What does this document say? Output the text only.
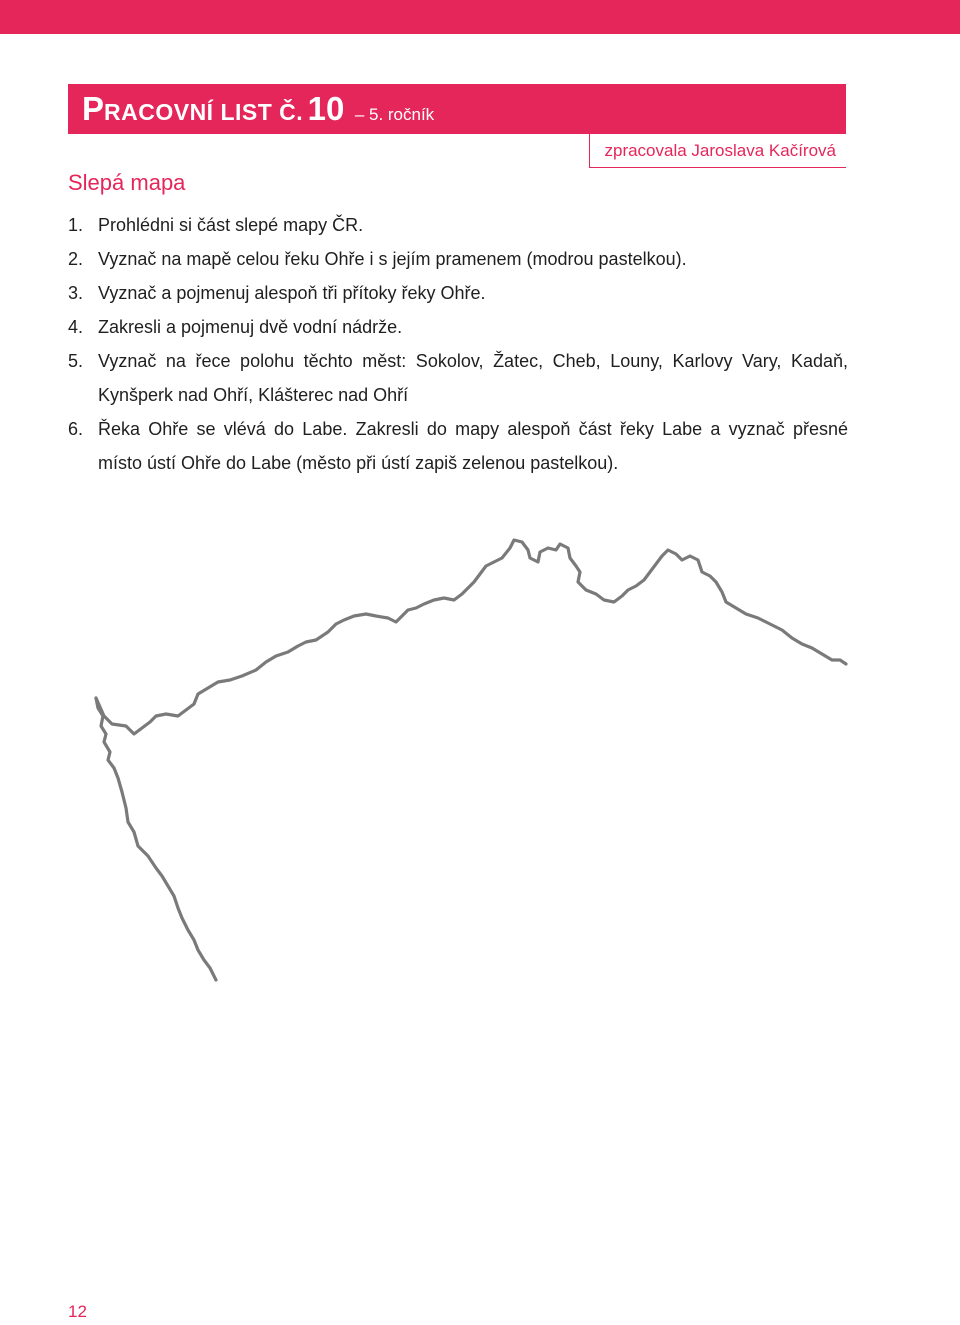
PRACOVNÍ LIST Č. 10 – 5. ročník
zpracovala Jaroslava Kačírová
Slepá mapa
1. Prohlédni si část slepé mapy ČR.
2. Vyznač na mapě celou řeku Ohře i s jejím pramenem (modrou pastelkou).
3. Vyznač a pojmenuj alespoň tři přítoky řeky Ohře.
4. Zakresli a pojmenuj dvě vodní nádrže.
5. Vyznač na řece polohu těchto měst: Sokolov, Žatec, Cheb, Louny, Karlovy Vary, Kadaň, Kynšperk nad Ohří, Klášterec nad Ohří
6. Řeka Ohře se vlévá do Labe. Zakresli do mapy alespoň část řeky Labe a vyznač přesné místo ústí Ohře do Labe (město při ústí zapiš zelenou pastelkou).
12
